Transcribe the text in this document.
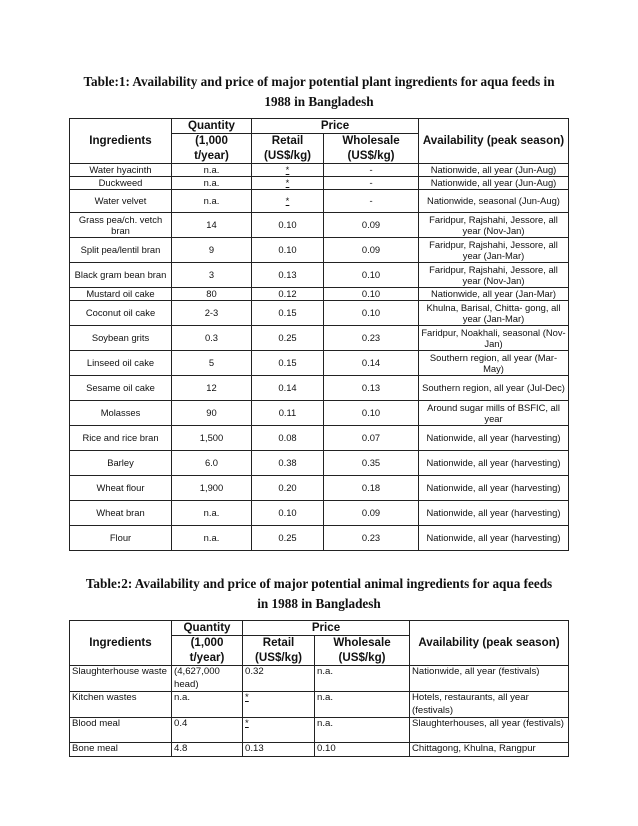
Table:1: Availability and price of major potential plant ingredients for aqua feeds in
1988 in Bangladesh
Ingredients	Quantity	Price		Availability (peak season)
	(1,000	Retail	Wholesale	
	t/year)	(US$/kg)	(US$/kg)	
Water hyacinth	n.a.	*	-	Nationwide, all year (Jun-Aug)
Duckweed	n.a.	*	-	Nationwide, all year (Jun-Aug)
Water velvet	n.a.	*	-	Nationwide, seasonal (Jun-Aug)
Grass pea/ch. vetch bran	14	0.10	0.09	Faridpur, Rajshahi, Jessore, all year (Nov-Jan)
Split pea/lentil bran	9	0.10	0.09	Faridpur, Rajshahi, Jessore, all year (Jan-Mar)
Black gram bean bran	3	0.13	0.10	Faridpur, Rajshahi, Jessore, all year (Nov-Jan)
Mustard oil cake	80	0.12	0.10	Nationwide, all year (Jan-Mar)
Coconut oil cake	2-3	0.15	0.10	Khulna, Barisal, Chitta- gong, all year (Jan-Mar)
Soybean grits	0.3	0.25	0.23	Faridpur, Noakhali, seasonal (Nov-Jan)
Linseed oil cake	5	0.15	0.14	Southern region, all year (Mar-May)
Sesame oil cake	12	0.14	0.13	Southern region, all year (Jul-Dec)
Molasses	90	0.11	0.10	Around sugar mills of BSFIC, all year
Rice and rice bran	1,500	0.08	0.07	Nationwide, all year (harvesting)
Barley	6.0	0.38	0.35	Nationwide, all year (harvesting)
Wheat flour	1,900	0.20	0.18	Nationwide, all year (harvesting)
Wheat bran	n.a.	0.10	0.09	Nationwide, all year (harvesting)
Flour	n.a.	0.25	0.23	Nationwide, all year (harvesting)
Table:2: Availability and price of major potential animal ingredients for aqua feeds
in 1988 in Bangladesh
Ingredients	Quantity	Price		Availability (peak season)
	(1,000	Retail	Wholesale	
	t/year)	(US$/kg)	(US$/kg)	
Slaughterhouse waste	(4,627,000 head)	0.32	n.a.	Nationwide, all year (festivals)
Kitchen wastes	n.a.	*	n.a.	Hotels, restaurants, all year (festivals)
Blood meal	0.4	*	n.a.	Slaughterhouses, all year (festivals)
Bone meal	4.8	0.13	0.10	Chittagong, Khulna, Rangpur
